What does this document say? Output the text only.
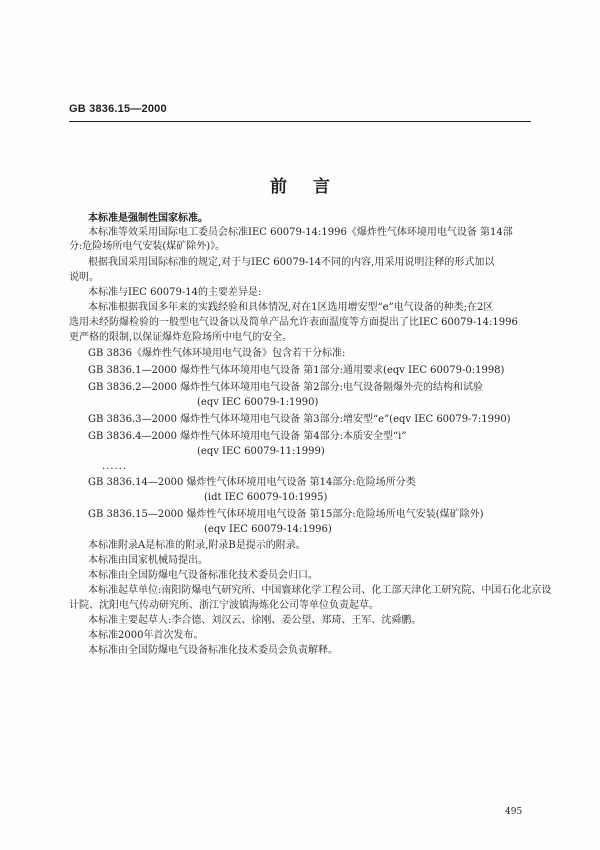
GB 3836.15—2000
前言
本标准是强制性国家标准。
本标准等效采用国际电工委员会标准IEC 60079-14:1996《爆炸性气体环境用电气设备 第14部
分:危险场所电气安装(煤矿除外)》。
根据我国采用国际标准的规定,对于与IEC 60079-14不同的内容,用采用说明注释的形式加以
说明。
本标准与IEC 60079-14的主要差异是:
本标准根据我国多年来的实践经验和具体情况,对在1区选用增安型“e”电气设备的种类;在2区
选用未经防爆检验的一般型电气设备以及简单产品允许表面温度等方面提出了比IEC 60079-14:1996
更严格的限制,以保证爆炸危险场所中电气的安全。
GB 3836《爆炸性气体环境用电气设备》包含若干分标准:
GB 3836.1—2000 爆炸性气体环境用电气设备 第1部分:通用要求(eqv IEC 60079-0:1998)
GB 3836.2—2000 爆炸性气体环境用电气设备 第2部分:电气设备隔爆外壳的结构和试验
(eqv IEC 60079-1:1990)
GB 3836.3—2000 爆炸性气体环境用电气设备 第3部分:增安型“e”(eqv IEC 60079-7:1990)
GB 3836.4—2000 爆炸性气体环境用电气设备 第4部分:本质安全型“i”
(eqv IEC 60079-11:1999)
......
GB 3836.14—2000 爆炸性气体环境用电气设备 第14部分:危险场所分类
(idt IEC 60079-10:1995)
GB 3836.15—2000 爆炸性气体环境用电气设备 第15部分:危险场所电气安装(煤矿除外)
(eqv IEC 60079-14:1996)
本标准附录A是标准的附录,附录B是提示的附录。
本标准由国家机械局提出。
本标准由全国防爆电气设备标准化技术委员会归口。
本标准起草单位:南阳防爆电气研究所、中国寰球化学工程公司、化工部天津化工研究院、中国石化北京设
计院、沈阳电气传动研究所、浙江宁波镇海炼化公司等单位负责起草。
本标准主要起草人:李合德、刘汉云、徐刚、姜公望、郑琦、王军、沈舜鹏。
本标准2000年首次发布。
本标准由全国防爆电气设备标准化技术委员会负责解释。
495
